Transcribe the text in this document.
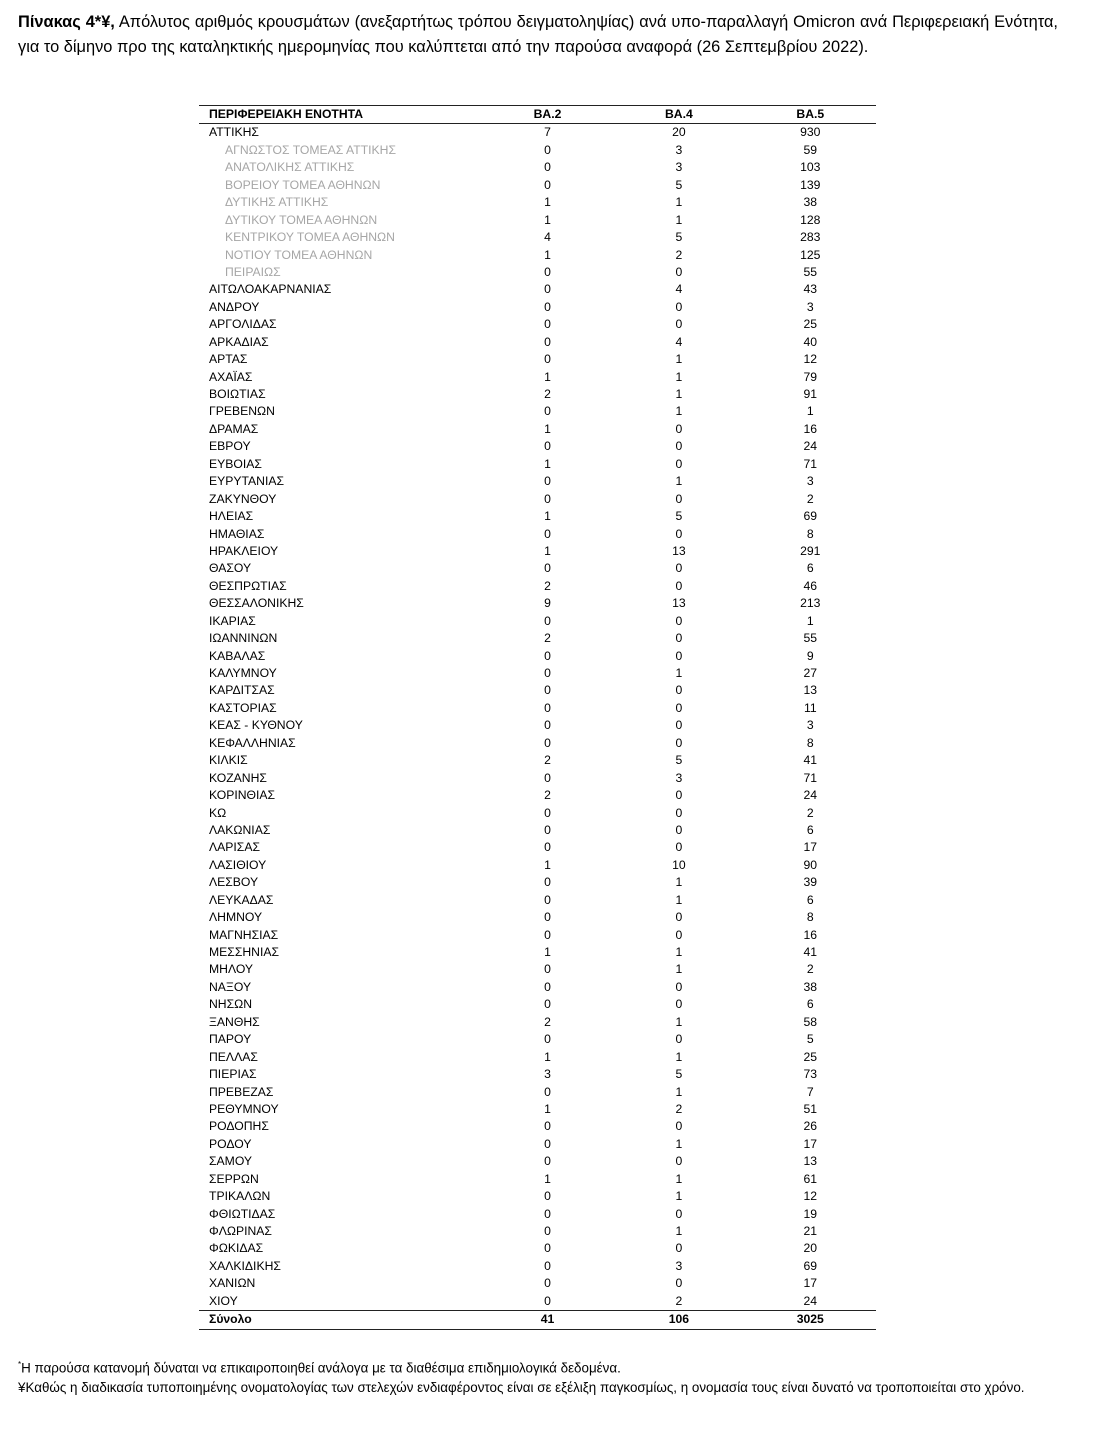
Πίνακας 4*¥, Απόλυτος αριθμός κρουσμάτων (ανεξαρτήτως τρόπου δειγματοληψίας) ανά υπο-παραλλαγή Omicron ανά Περιφερειακή Ενότητα, για το δίμηνο προ της καταληκτικής ημερομηνίας που καλύπτεται από την παρούσα αναφορά (26 Σεπτεμβρίου 2022).
ΠΕΡΙΦΕΡΕΙΑΚΗ ΕΝΟΤΗΤΑ	BA.2	BA.4	BA.5
ΑΤΤΙΚΗΣ	7	20	930
ΑΓΝΩΣΤΟΣ ΤΟΜΕΑΣ ΑΤΤΙΚΗΣ	0	3	59
ΑΝΑΤΟΛΙΚΗΣ ΑΤΤΙΚΗΣ	0	3	103
ΒΟΡΕΙΟΥ ΤΟΜΕΑ ΑΘΗΝΩΝ	0	5	139
ΔΥΤΙΚΗΣ ΑΤΤΙΚΗΣ	1	1	38
ΔΥΤΙΚΟΥ ΤΟΜΕΑ ΑΘΗΝΩΝ	1	1	128
ΚΕΝΤΡΙΚΟΥ ΤΟΜΕΑ ΑΘΗΝΩΝ	4	5	283
ΝΟΤΙΟΥ ΤΟΜΕΑ ΑΘΗΝΩΝ	1	2	125
ΠΕΙΡΑΙΩΣ	0	0	55
ΑΙΤΩΛΟΑΚΑΡΝΑΝΙΑΣ	0	4	43
ΑΝΔΡΟΥ	0	0	3
ΑΡΓΟΛΙΔΑΣ	0	0	25
ΑΡΚΑΔΙΑΣ	0	4	40
ΑΡΤΑΣ	0	1	12
ΑΧΑΪΑΣ	1	1	79
ΒΟΙΩΤΙΑΣ	2	1	91
ΓΡΕΒΕΝΩΝ	0	1	1
ΔΡΑΜΑΣ	1	0	16
ΕΒΡΟΥ	0	0	24
ΕΥΒΟΙΑΣ	1	0	71
ΕΥΡΥΤΑΝΙΑΣ	0	1	3
ΖΑΚΥΝΘΟΥ	0	0	2
ΗΛΕΙΑΣ	1	5	69
ΗΜΑΘΙΑΣ	0	0	8
ΗΡΑΚΛΕΙΟΥ	1	13	291
ΘΑΣΟΥ	0	0	6
ΘΕΣΠΡΩΤΙΑΣ	2	0	46
ΘΕΣΣΑΛΟΝΙΚΗΣ	9	13	213
ΙΚΑΡΙΑΣ	0	0	1
ΙΩΑΝΝΙΝΩΝ	2	0	55
ΚΑΒΑΛΑΣ	0	0	9
ΚΑΛΥΜΝΟΥ	0	1	27
ΚΑΡΔΙΤΣΑΣ	0	0	13
ΚΑΣΤΟΡΙΑΣ	0	0	11
ΚΕΑΣ - ΚΥΘΝΟΥ	0	0	3
ΚΕΦΑΛΛΗΝΙΑΣ	0	0	8
ΚΙΛΚΙΣ	2	5	41
ΚΟΖΑΝΗΣ	0	3	71
ΚΟΡΙΝΘΙΑΣ	2	0	24
ΚΩ	0	0	2
ΛΑΚΩΝΙΑΣ	0	0	6
ΛΑΡΙΣΑΣ	0	0	17
ΛΑΣΙΘΙΟΥ	1	10	90
ΛΕΣΒΟΥ	0	1	39
ΛΕΥΚΑΔΑΣ	0	1	6
ΛΗΜΝΟΥ	0	0	8
ΜΑΓΝΗΣΙΑΣ	0	0	16
ΜΕΣΣΗΝΙΑΣ	1	1	41
ΜΗΛΟΥ	0	1	2
ΝΑΞΟΥ	0	0	38
ΝΗΣΩΝ	0	0	6
ΞΑΝΘΗΣ	2	1	58
ΠΑΡΟΥ	0	0	5
ΠΕΛΛΑΣ	1	1	25
ΠΙΕΡΙΑΣ	3	5	73
ΠΡΕΒΕΖΑΣ	0	1	7
ΡΕΘΥΜΝΟΥ	1	2	51
ΡΟΔΟΠΗΣ	0	0	26
ΡΟΔΟΥ	0	1	17
ΣΑΜΟΥ	0	0	13
ΣΕΡΡΩΝ	1	1	61
ΤΡΙΚΑΛΩΝ	0	1	12
ΦΘΙΩΤΙΔΑΣ	0	0	19
ΦΛΩΡΙΝΑΣ	0	1	21
ΦΩΚΙΔΑΣ	0	0	20
ΧΑΛΚΙΔΙΚΗΣ	0	3	69
ΧΑΝΙΩΝ	0	0	17
ΧΙΟΥ	0	2	24
Σύνολο	41	106	3025
*Η παρούσα κατανομή δύναται να επικαιροποιηθεί ανάλογα με τα διαθέσιμα επιδημιολογικά δεδομένα.
¥Καθώς η διαδικασία τυποποιημένης ονοματολογίας των στελεχών ενδιαφέροντος είναι σε εξέλιξη παγκοσμίως, η ονομασία τους είναι δυνατό να τροποποιείται στο χρόνο.
